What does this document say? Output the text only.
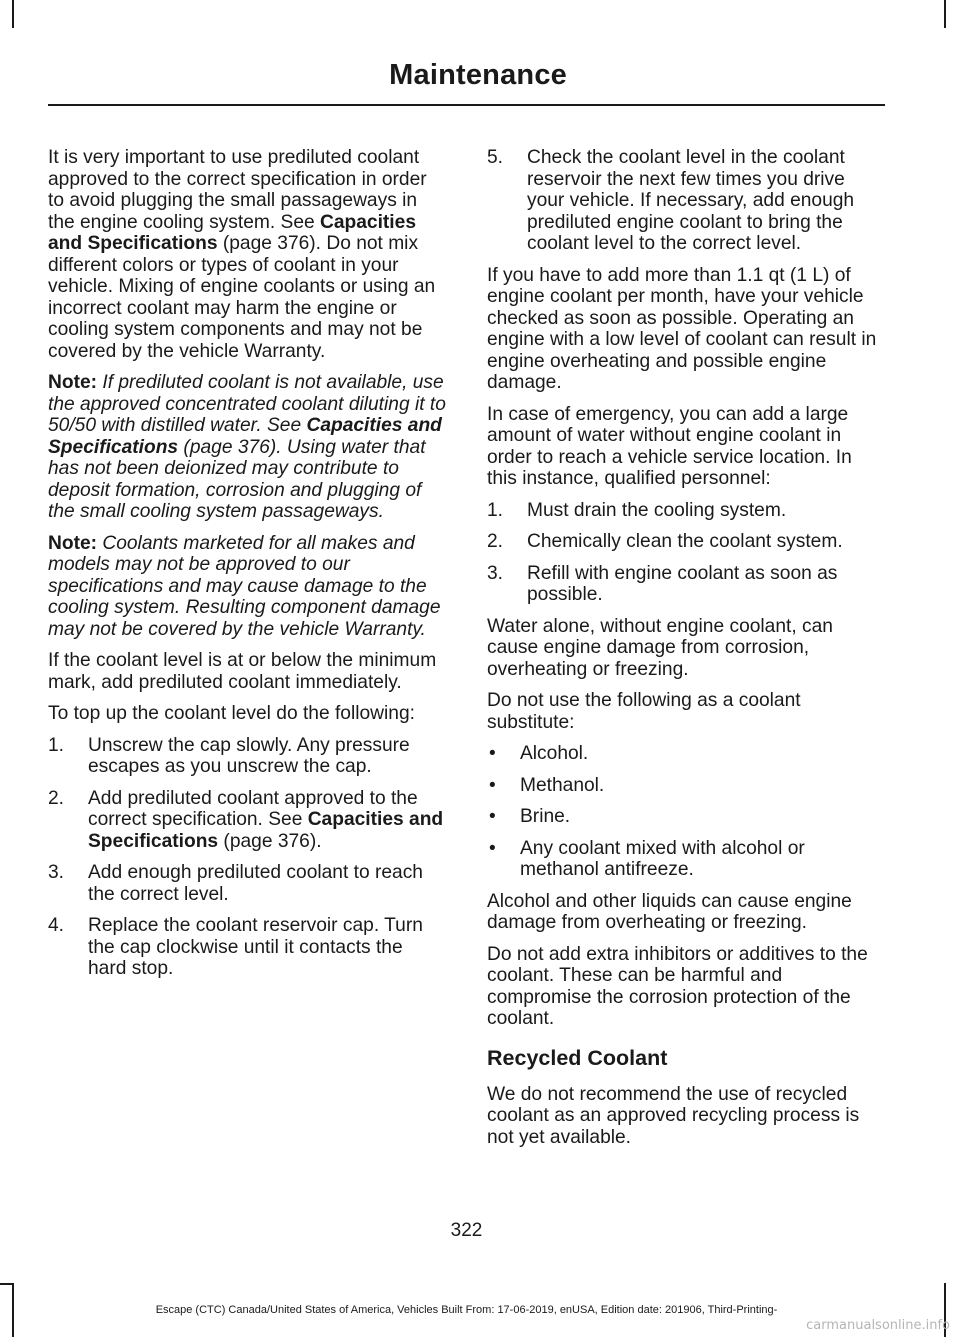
Maintenance

It is very important to use prediluted coolant approved to the correct specification in order to avoid plugging the small passageways in the engine cooling system. See Capacities and Specifications (page 376). Do not mix different colors or types of coolant in your vehicle. Mixing of engine coolants or using an incorrect coolant may harm the engine or cooling system components and may not be covered by the vehicle Warranty.

Note: If prediluted coolant is not available, use the approved concentrated coolant diluting it to 50/50 with distilled water. See Capacities and Specifications (page 376). Using water that has not been deionized may contribute to deposit formation, corrosion and plugging of the small cooling system passageways.

Note: Coolants marketed for all makes and models may not be approved to our specifications and may cause damage to the cooling system. Resulting component damage may not be covered by the vehicle Warranty.

If the coolant level is at or below the minimum mark, add prediluted coolant immediately.

To top up the coolant level do the following:

1. Unscrew the cap slowly. Any pressure escapes as you unscrew the cap.
2. Add prediluted coolant approved to the correct specification. See Capacities and Specifications (page 376).
3. Add enough prediluted coolant to reach the correct level.
4. Replace the coolant reservoir cap. Turn the cap clockwise until it contacts the hard stop.
5. Check the coolant level in the coolant reservoir the next few times you drive your vehicle. If necessary, add enough prediluted engine coolant to bring the coolant level to the correct level.

If you have to add more than 1.1 qt (1 L) of engine coolant per month, have your vehicle checked as soon as possible. Operating an engine with a low level of coolant can result in engine overheating and possible engine damage.

In case of emergency, you can add a large amount of water without engine coolant in order to reach a vehicle service location. In this instance, qualified personnel:

1. Must drain the cooling system.
2. Chemically clean the coolant system.
3. Refill with engine coolant as soon as possible.

Water alone, without engine coolant, can cause engine damage from corrosion, overheating or freezing.

Do not use the following as a coolant substitute:

• Alcohol.
• Methanol.
• Brine.
• Any coolant mixed with alcohol or methanol antifreeze.

Alcohol and other liquids can cause engine damage from overheating or freezing.

Do not add extra inhibitors or additives to the coolant. These can be harmful and compromise the corrosion protection of the coolant.

Recycled Coolant

We do not recommend the use of recycled coolant as an approved recycling process is not yet available.

322
Escape (CTC) Canada/United States of America, Vehicles Built From: 17-06-2019, enUSA, Edition date: 201906, Third-Printing-
carmanualsonline.info
